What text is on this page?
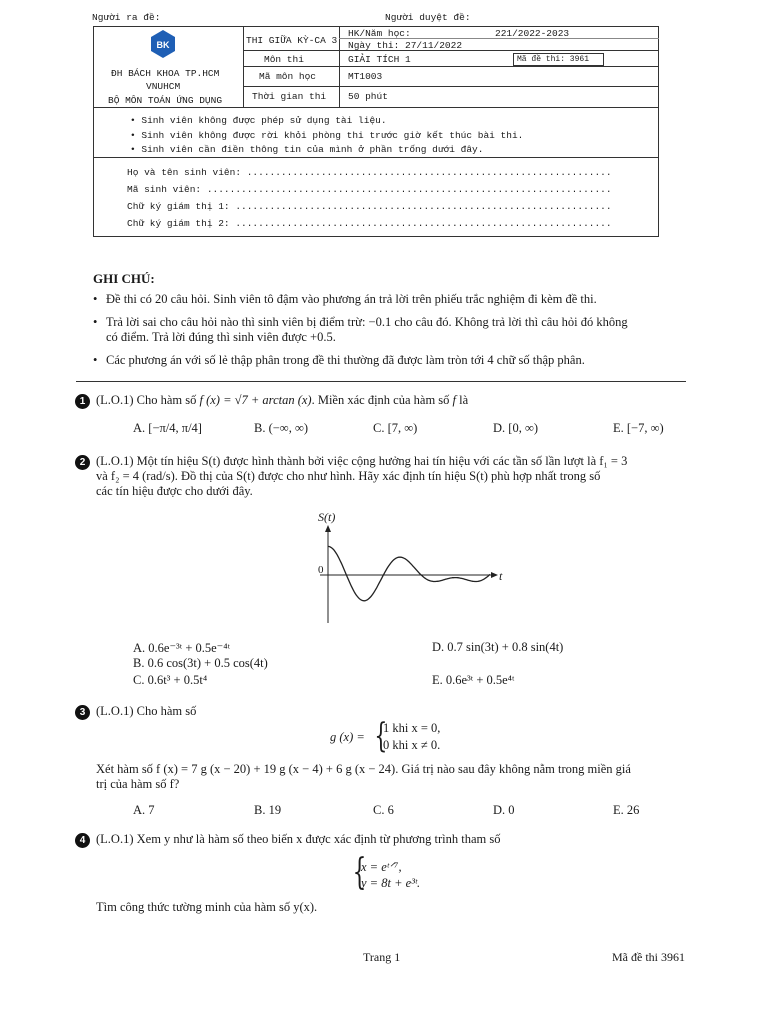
Người ra đề:	Người duyệt đề:
BK
ĐH BÁCH KHOA TP.HCM
VNUHCM
BỘ MÔN TOÁN ỨNG DỤNG
THI GIỮA KỲ-CA 3
HK/Năm học:	221/2022-2023
Ngày thi: 27/11/2022
Môn thi	GIẢI TÍCH 1	Mã đề thi: 3961
Mã môn học	MT1003
Thời gian thi 50 phút
• Sinh viên không được phép sử dụng tài liệu.
• Sinh viên không được rời khỏi phòng thi trước giờ kết thúc bài thi.
• Sinh viên cần điền thông tin của mình ở phần trống dưới đây.
Họ và tên sinh viên: ................................................................
Mã sinh viên: .......................................................................
Chữ ký giám thị 1: ..................................................................
Chữ ký giám thị 2: ..................................................................
GHI CHÚ:
• Đề thi có 20 câu hỏi. Sinh viên tô đậm vào phương án trả lời trên phiếu trắc nghiệm đi kèm đề thi.
• Trả lời sai cho câu hỏi nào thì sinh viên bị điểm trừ: −0.1 cho câu đó. Không trả lời thì câu hỏi đó không
có điểm. Trả lời đúng thì sinh viên được +0.5.
• Các phương án với số lẻ thập phân trong đề thi thường đã được làm tròn tới 4 chữ số thập phân.
1 (L.O.1) Cho hàm số f (x) = √7 + arctan (x). Miền xác định của hàm số f là
A. [−π/4, π/4]	B. (−∞, ∞)	C. [7, ∞)	D. [0, ∞)	E. [−7, ∞)
2 (L.O.1) Một tín hiệu S(t) được hình thành bởi việc cộng hưởng hai tín hiệu với các tần số lần lượt là f₁ = 3
và f₂ = 4 (rad/s). Đồ thị của S(t) được cho như hình. Hãy xác định tín hiệu S(t) phù hợp nhất trong số
các tín hiệu được cho dưới đây.
S(t)
0	t
A. 0.6e⁻³ᵗ + 0.5e⁻⁴ᵗ
B. 0.6 cos(3t) + 0.5 cos(4t)
C. 0.6t³ + 0.5t⁴
D. 0.7 sin(3t) + 0.8 sin(4t)
E. 0.6e³ᵗ + 0.5e⁴ᵗ
3 (L.O.1) Cho hàm số
g (x) = {
1 khi x = 0,
0 khi x ≠ 0.
Xét hàm số f (x) = 7 g (x − 20) + 19 g (x − 4) + 6 g (x − 24). Giá trị nào sau đây không nằm trong miền giá
trị của hàm số f?
A. 7	B. 19	C. 6	D. 0	E. 26
4 (L.O.1) Xem y như là hàm số theo biến x được xác định từ phương trình tham số
{
x = eᵗᐟ⁷,
y = 8t + e³ᵗ.
Tìm công thức tường minh của hàm số y(x).
Trang 1	Mã đề thi 3961
